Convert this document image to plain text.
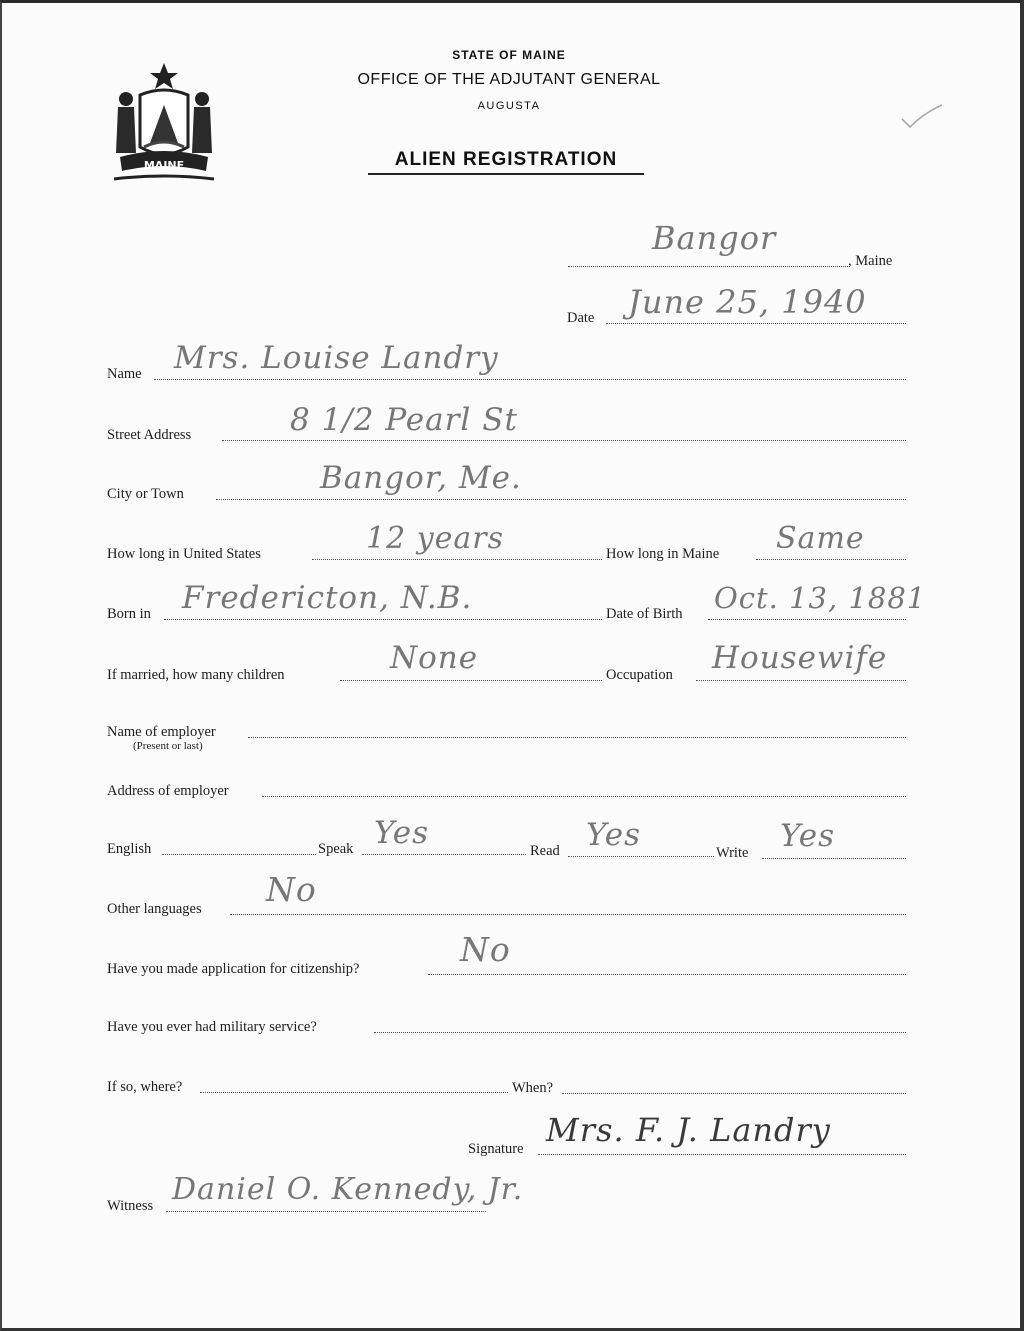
MAINE
STATE OF MAINE
OFFICE OF THE ADJUTANT GENERAL
AUGUSTA
ALIEN REGISTRATION
Bangor
, Maine
Date June 25, 1940
Name Mrs. Louise Landry
Street Address	8 1/2 Pearl St
City or Town	Bangor, Me.
How long in United States	12 years	How long in Maine Same
Born in Fredericton, N.B.	Date of Birth Oct. 13, 1881
If married, how many children	None	Occupation Housewife
Name of employer
(Present or last)
Address of employer
English	Speak Yes	Read Yes	Write Yes
Other languages No
Have you made application for citizenship?	No
Have you ever had military service?
If so, where?	When?
Signature Mrs. F. J. Landry
Witness Daniel O. Kennedy, Jr.
